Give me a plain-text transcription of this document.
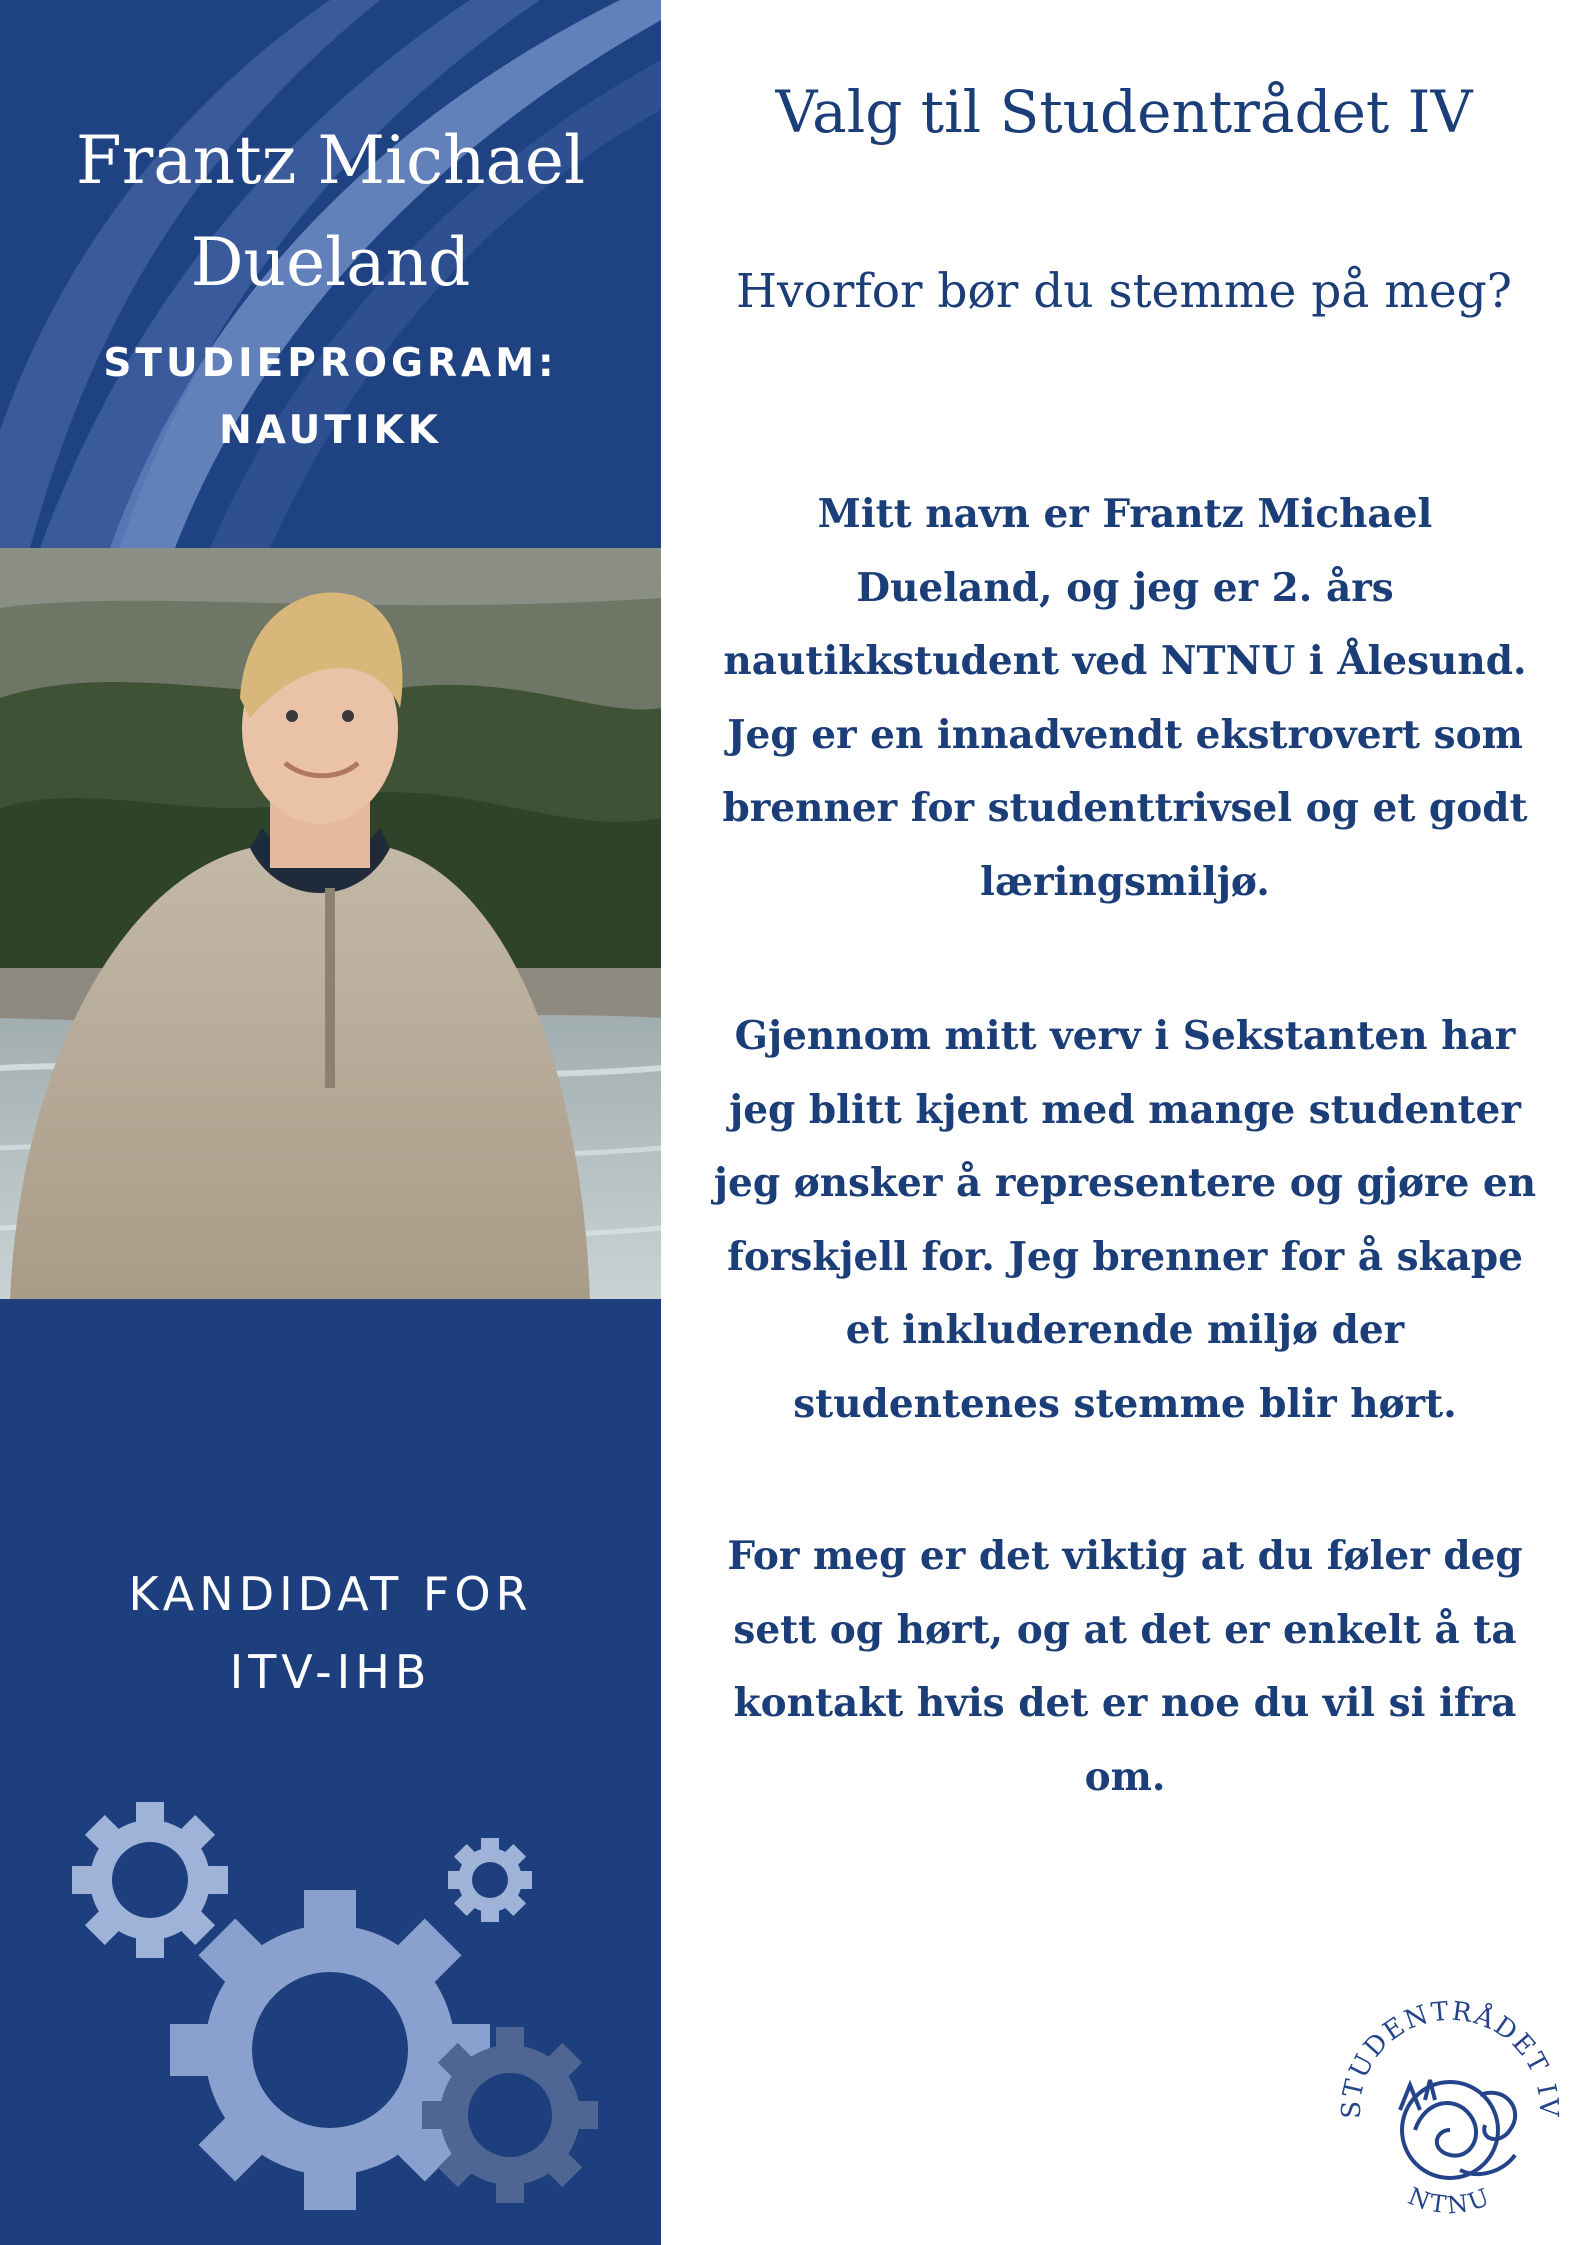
Frantz Michael
Dueland
STUDIEPROGRAM:
NAUTIKK
KANDIDAT FOR
ITV-IHB
Valg til Studentrådet IV
Hvorfor bør du stemme på meg?

Mitt navn er Frantz Michael
Dueland, og jeg er 2. års
nautikkstudent ved NTNU i Ålesund.
Jeg er en innadvendt ekstrovert som
brenner for studenttrivsel og et godt
læringsmiljø.

Gjennom mitt verv i Sekstanten har
jeg blitt kjent med mange studenter
jeg ønsker å representere og gjøre en
forskjell for. Jeg brenner for å skape
et inkluderende miljø der
studentenes stemme blir hørt.

For meg er det viktig at du føler deg
sett og hørt, og at det er enkelt å ta
kontakt hvis det er noe du vil si ifra
om.

STUDENTRÅDET IV
NTNU
